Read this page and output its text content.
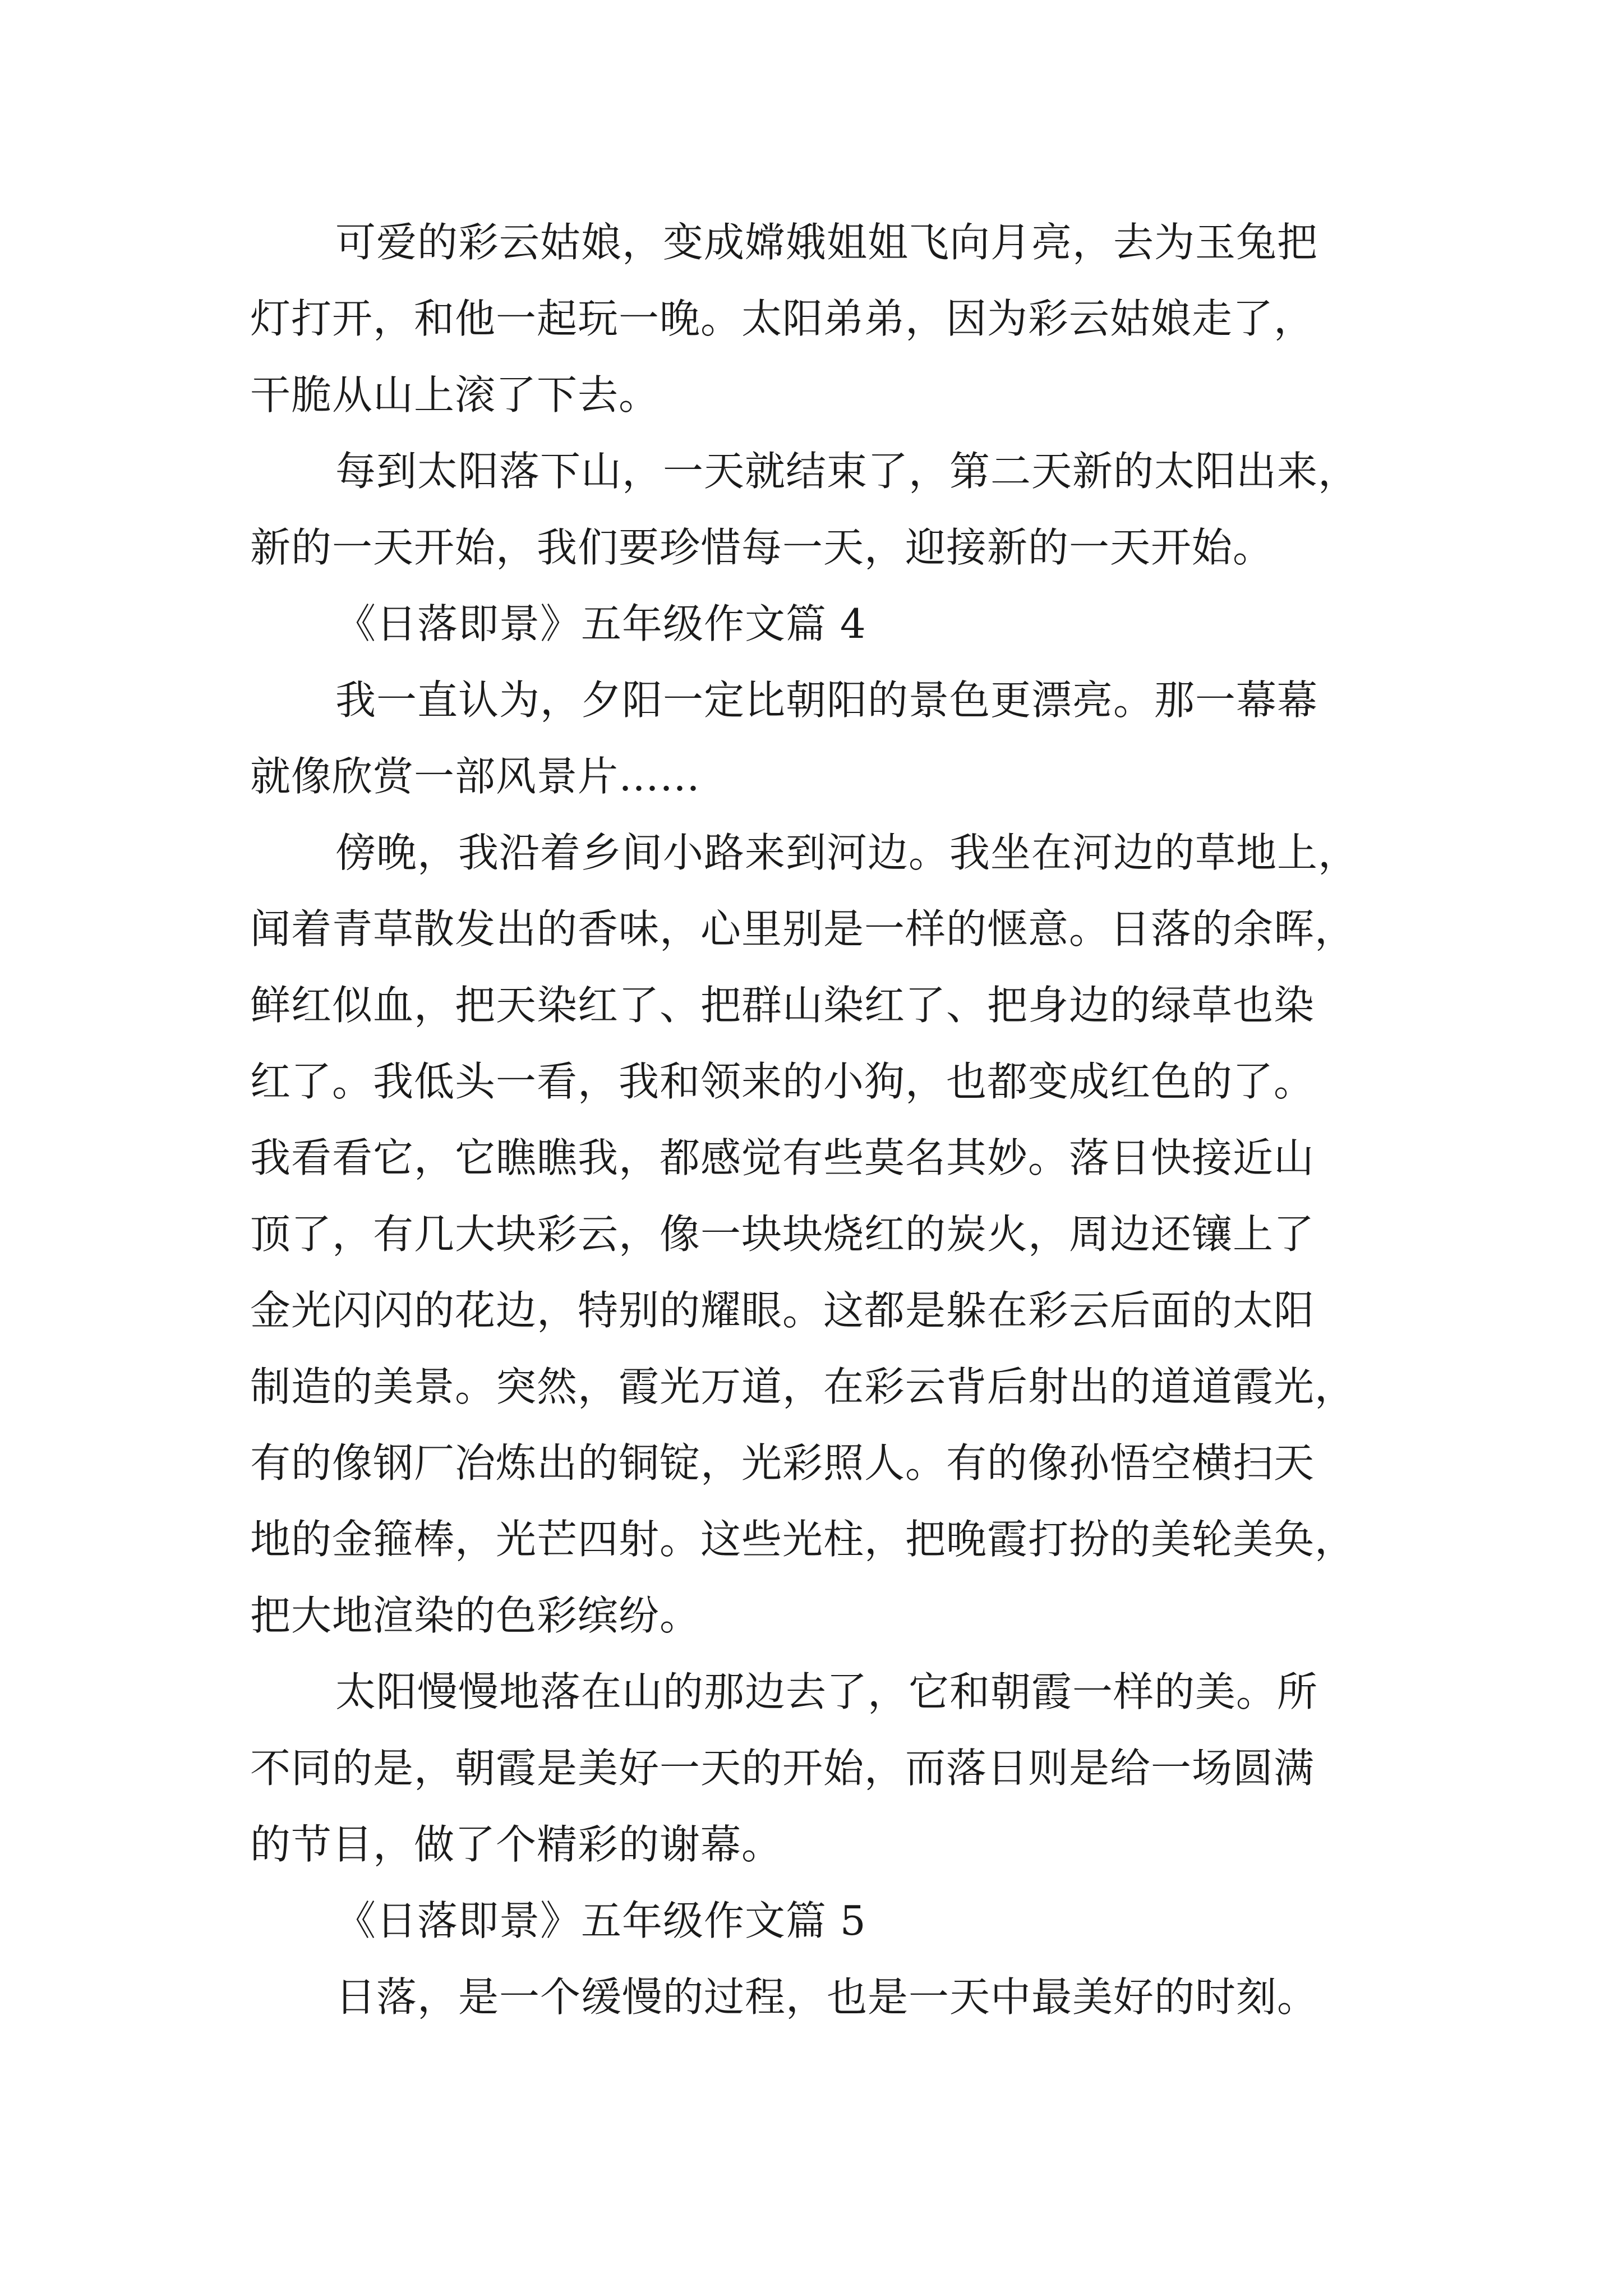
可爱的彩云姑娘，变成嫦娥姐姐飞向月亮，去为玉兔把
灯打开，和他一起玩一晚。太阳弟弟，因为彩云姑娘走了，
干脆从山上滚了下去。
每到太阳落下山，一天就结束了，第二天新的太阳出来，
新的一天开始，我们要珍惜每一天，迎接新的一天开始。
《日落即景》五年级作文篇 4
我一直认为，夕阳一定比朝阳的景色更漂亮。那一幕幕
就像欣赏一部风景片……
傍晚，我沿着乡间小路来到河边。我坐在河边的草地上，
闻着青草散发出的香味，心里别是一样的惬意。日落的余晖，
鲜红似血，把天染红了、把群山染红了、把身边的绿草也染
红了。我低头一看，我和领来的小狗，也都变成红色的了。
我看看它，它瞧瞧我，都感觉有些莫名其妙。落日快接近山
顶了，有几大块彩云，像一块块烧红的炭火，周边还镶上了
金光闪闪的花边，特别的耀眼。这都是躲在彩云后面的太阳
制造的美景。突然，霞光万道，在彩云背后射出的道道霞光，
有的像钢厂冶炼出的铜锭，光彩照人。有的像孙悟空横扫天
地的金箍棒，光芒四射。这些光柱，把晚霞打扮的美轮美奂，
把大地渲染的色彩缤纷。
太阳慢慢地落在山的那边去了，它和朝霞一样的美。所
不同的是，朝霞是美好一天的开始，而落日则是给一场圆满
的节目，做了个精彩的谢幕。
《日落即景》五年级作文篇 5
日落，是一个缓慢的过程，也是一天中最美好的时刻。
